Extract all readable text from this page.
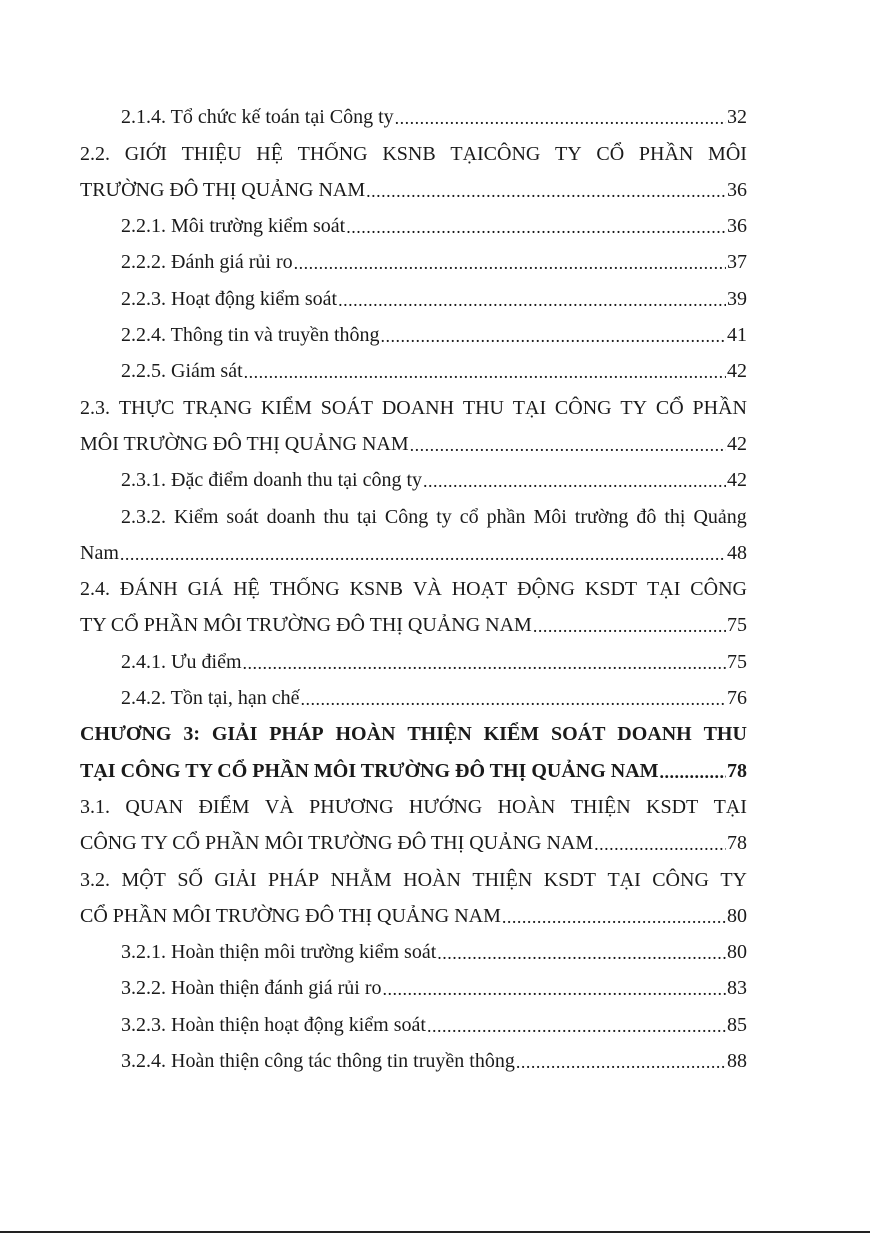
2.1.4. Tổ chức kế toán tại Công ty .....	32
2.2. GIỚI THIỆU HỆ THỐNG KSNB TẠICÔNG TY CỔ PHẦN MÔI
TRƯỜNG ĐÔ THỊ QUẢNG NAM .....	36
2.2.1. Môi trường kiểm soát .....	36
2.2.2. Đánh giá rủi ro .....	37
2.2.3. Hoạt động kiểm soát .....	39
2.2.4. Thông tin và truyền thông .....	41
2.2.5. Giám sát .....	42
2.3. THỰC TRẠNG KIỂM SOÁT DOANH THU TẠI CÔNG TY CỔ PHẦN
MÔI TRƯỜNG ĐÔ THỊ QUẢNG NAM .....	42
2.3.1. Đặc điểm doanh thu tại công ty .....	42
2.3.2. Kiểm soát doanh thu tại Công ty cổ phần Môi trường đô thị Quảng
Nam .....	48
2.4. ĐÁNH GIÁ HỆ THỐNG KSNB VÀ HOẠT ĐỘNG KSDT TẠI CÔNG
TY CỔ PHẦN MÔI TRƯỜNG ĐÔ THỊ QUẢNG NAM .....	75
2.4.1. Ưu điểm .....	75
2.4.2. Tồn tại, hạn chế .....	76
CHƯƠNG 3: GIẢI PHÁP HOÀN THIỆN KIỂM SOÁT DOANH THU
TẠI CÔNG TY CỔ PHẦN MÔI TRƯỜNG ĐÔ THỊ QUẢNG NAM .....	78
3.1. QUAN ĐIỂM VÀ PHƯƠNG HƯỚNG HOÀN THIỆN KSDT TẠI
CÔNG TY CỔ PHẦN MÔI TRƯỜNG ĐÔ THỊ QUẢNG NAM .....	78
3.2. MỘT SỐ GIẢI PHÁP NHẰM HOÀN THIỆN KSDT TẠI CÔNG TY
CỔ PHẦN MÔI TRƯỜNG ĐÔ THỊ QUẢNG NAM .....	80
3.2.1. Hoàn thiện môi trường kiểm soát .....	80
3.2.2. Hoàn thiện đánh giá rủi ro .....	83
3.2.3. Hoàn thiện hoạt động kiểm soát .....	85
3.2.4. Hoàn thiện công tác thông tin truyền thông .....	88
